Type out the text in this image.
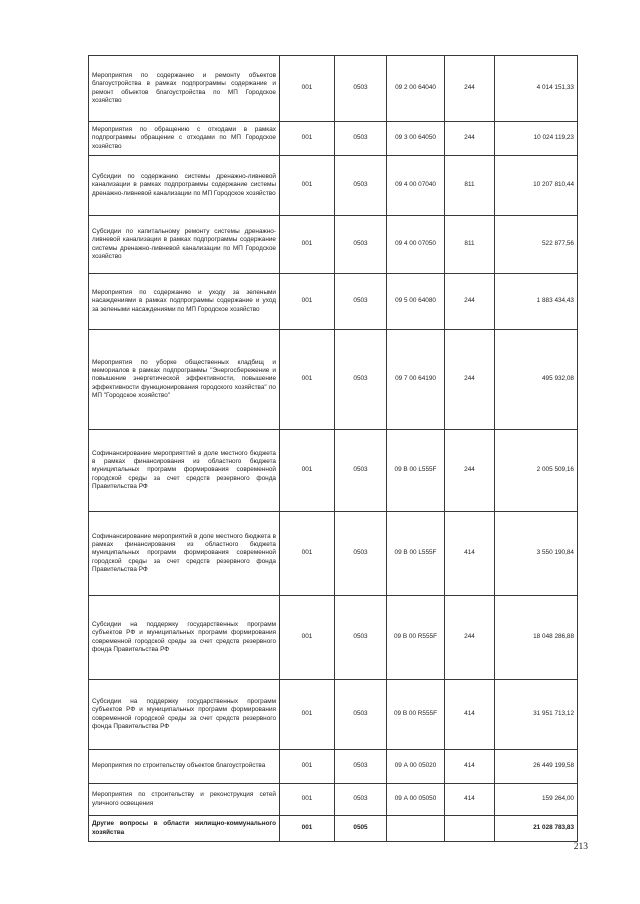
Мероприятия по содержанию и ремонту объектов благоустройства в рамках подпрограммы содержание и ремонт объектов благоустройства по МП Городское хозяйство	001	0503	09 2 00 64040	244	4 014 151,33
Мероприятия по обращению с отходами в рамках подпрограммы обращение с отходами по МП Городское хозяйство	001	0503	09 3 00 64050	244	10 024 119,23
Субсидии по содержанию системы дренажно-ливневой канализации в рамках подпрограммы содержание системы дренажно-ливневой канализации по МП Городское хозяйство	001	0503	09 4 00 07040	811	10 207 810,44
Субсидии по капитальному ремонту системы дренажно-ливневой канализации в рамках подпрограммы содержание системы дренажно-ливневой канализации по МП Городское хозяйство	001	0503	09 4 00 07050	811	522 877,56
Мероприятия по содержанию и уходу за зелеными насаждениями в рамках подпрограммы содержание и уход за зелеными насаждениями по МП Городское хозяйство	001	0503	09 5 00 64080	244	1 883 434,43
Мероприятия по уборке общественных кладбищ и мемориалов в рамках подпрограммы "Энергосбережение и повышение энергетической эффективности, повышение эффективности функционирования городского хозяйства" по МП "Городское хозяйство"	001	0503	09 7 00 64190	244	495 932,08
Софинансирование мероприяттий в доле местного бюджета в рамках финансирования из областного бюджета муниципальных программ формирования современной городской среды за счет средств резервного фонда Правительства РФ	001	0503	09 В 00 L555F	244	2 005 509,16
Софинансирование мероприятий в доле местного бюджета в рамках финансирования из областного бюджета муниципальных программ формирования современной городской среды за счет средств резервного фонда Правительства РФ	001	0503	09 В 00 L555F	414	3 550 190,84
Субсидии на поддержку государственных программ субъектов РФ и муниципальных программ формирования современной городской среды за счет средств резервного фонда Правительства РФ	001	0503	09 В 00 R555F	244	18 048 286,88
Субсидии на поддержку государственных программ субъектов РФ и муниципальных программ формирования современной городской среды за счет средств резервного фонда Правительства РФ	001	0503	09 В 00 R555F	414	31 951 713,12
Мероприятия по строительству объектов благоустройства	001	0503	09 А 00 05020	414	26 449 199,58
Мероприятия по строительству и реконструкция сетей уличного освещения	001	0503	09 А 00 05050	414	159 264,00
Другие вопросы в области жилищно-коммунального хозяйства	001	0505			21 028 783,83
213
